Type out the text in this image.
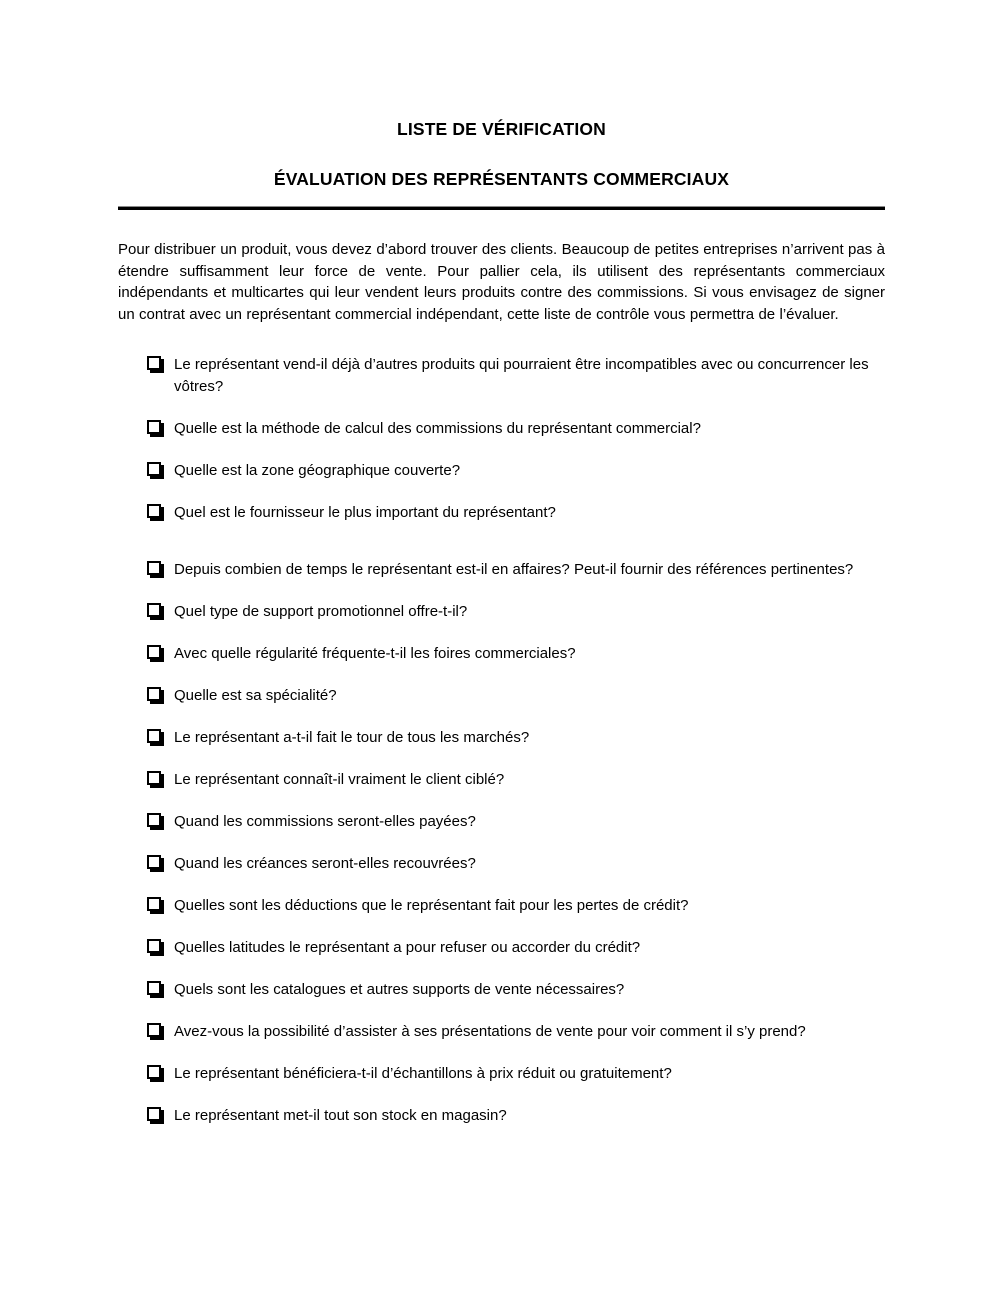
LISTE DE VÉRIFICATION
ÉVALUATION DES REPRÉSENTANTS COMMERCIAUX

Pour distribuer un produit, vous devez d’abord trouver des clients. Beaucoup de petites entreprises n’arrivent pas à étendre suffisamment leur force de vente. Pour pallier cela, ils utilisent des représentants commerciaux indépendants et multicartes qui leur vendent leurs produits contre des commissions. Si vous envisagez de signer un contrat avec un représentant commercial indépendant, cette liste de contrôle vous permettra de l’évaluer.

Le représentant vend-il déjà d’autres produits qui pourraient être incompatibles avec ou concurrencer les vôtres?
Quelle est la méthode de calcul des commissions du représentant commercial?
Quelle est la zone géographique couverte?
Quel est le fournisseur le plus important du représentant?
Depuis combien de temps le représentant est-il en affaires? Peut-il fournir des références pertinentes?
Quel type de support promotionnel offre-t-il?
Avec quelle régularité fréquente-t-il les foires commerciales?
Quelle est sa spécialité?
Le représentant a-t-il fait le tour de tous les marchés?
Le représentant connaît-il vraiment le client ciblé?
Quand les commissions seront-elles payées?
Quand les créances seront-elles recouvrées?
Quelles sont les déductions que le représentant fait pour les pertes de crédit?
Quelles latitudes le représentant a pour refuser ou accorder du crédit?
Quels sont les catalogues et autres supports de vente nécessaires?
Avez-vous la possibilité d’assister à ses présentations de vente pour voir comment il s’y prend?
Le représentant bénéficiera-t-il d’échantillons à prix réduit ou gratuitement?
Le représentant met-il tout son stock en magasin?
